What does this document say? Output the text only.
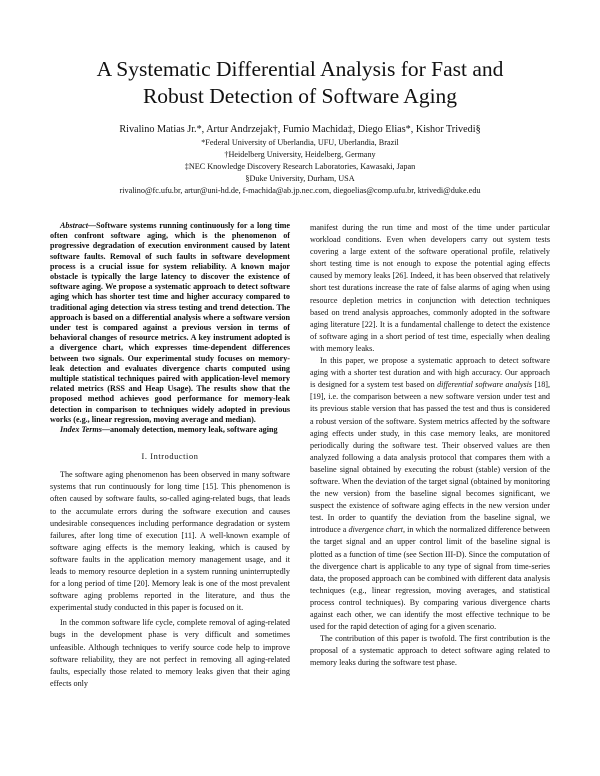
A Systematic Differential Analysis for Fast and
Robust Detection of Software Aging
Rivalino Matias Jr.*, Artur Andrzejak†, Fumio Machida‡, Diego Elias*, Kishor Trivedi§
*Federal University of Uberlandia, UFU, Uberlandia, Brazil
†Heidelberg University, Heidelberg, Germany
‡NEC Knowledge Discovery Research Laboratories, Kawasaki, Japan
§Duke University, Durham, USA
rivalino@fc.ufu.br, artur@uni-hd.de, f-machida@ab.jp.nec.com, diegoelias@comp.ufu.br, ktrivedi@duke.edu

Abstract—Software systems running continuously for a long time often confront software aging, which is the phenomenon of progressive degradation of execution environment caused by latent software faults. Removal of such faults in software development process is a crucial issue for system reliability. A known major obstacle is typically the large latency to discover the existence of software aging. We propose a systematic approach to detect software aging which has shorter test time and higher accuracy compared to traditional aging detection via stress testing and trend detection. The approach is based on a differential analysis where a software version under test is compared against a previous version in terms of behavioral changes of resource metrics. A key instrument adopted is a divergence chart, which expresses time-dependent differences between two signals. Our experimental study focuses on memory-leak detection and evaluates divergence charts computed using multiple statistical techniques paired with application-level memory related metrics (RSS and Heap Usage). The results show that the proposed method achieves good performance for memory-leak detection in comparison to techniques widely adopted in previous works (e.g., linear regression, moving average and median).

Index Terms—anomaly detection, memory leak, software aging

I. Introduction

The software aging phenomenon has been observed in many software systems that run continuously for long time [15]. This phenomenon is often caused by software faults, so-called aging-related bugs, that leads to the accumulate errors during the software execution and causes undesirable consequences including performance degradation or system failures, after long time of execution [11]. A well-known example of software aging effects is the memory leaking, which is caused by software faults in the application memory management usage, and it leads to memory resource depletion in a system running uninterruptedly for a long period of time [20]. Memory leak is one of the most prevalent software aging problems reported in the literature, and thus the experimental study conducted in this paper is focused on it.

In the common software life cycle, complete removal of aging-related bugs in the development phase is very difficult and sometimes unfeasible. Although techniques to verify source code help to improve software reliability, they are not perfect in removing all aging-related faults, especially those related to memory leaks given that their aging effects only

manifest during the run time and most of the time under particular workload conditions. Even when developers carry out system tests covering a large extent of the software operational profile, relatively short testing time is not enough to expose the potential aging effects caused by memory leaks [26]. Indeed, it has been observed that relatively short test durations increase the rate of false alarms of aging when using resource depletion metrics in conjunction with detection techniques based on trend analysis approaches, commonly adopted in the software aging literature [22]. It is a fundamental challenge to detect the existence of software aging in a short period of test time, especially when dealing with memory leaks.

In this paper, we propose a systematic approach to detect software aging with a shorter test duration and with high accuracy. Our approach is designed for a system test based on differential software analysis [18], [19], i.e. the comparison between a new software version under test and its previous stable version that has passed the test and thus is considered a robust version of the software. System metrics affected by the software aging effects under study, in this case memory leaks, are monitored periodically during the software test. Their observed values are then analyzed following a data analysis protocol that compares them with a baseline signal obtained by executing the robust (stable) version of the software. When the deviation of the target signal (obtained by monitoring the new version) from the baseline signal becomes significant, we suspect the existence of software aging effects in the new version under test. In order to quantify the deviation from the baseline signal, we introduce a divergence chart, in which the normalized difference between the target signal and an upper control limit of the baseline signal is plotted as a function of time (see Section III-D). Since the computation of the divergence chart is applicable to any type of signal from time-series data, the proposed approach can be combined with different data analysis techniques (e.g., linear regression, moving averages, and statistical process control techniques). By comparing various divergence charts against each other, we can identify the most effective technique to be used for the rapid detection of aging for a given scenario.

The contribution of this paper is twofold. The first contribution is the proposal of a systematic approach to detect software aging related to memory leaks during the software test phase.
